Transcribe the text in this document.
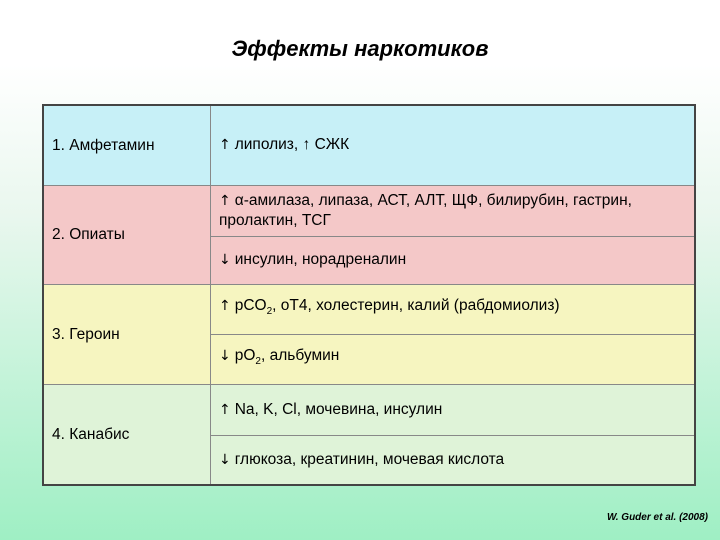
Эффекты наркотиков
1. Амфетамин	↑ липолиз, ↑ СЖК
2. Опиаты	↑ α-амилаза, липаза, АСТ, АЛТ, ЩФ, билирубин, гастрин, пролактин, ТСГ
	↓ инсулин, норадреналин
3. Героин	↑ pCO$_2$, оТ4, холестерин, калий (рабдомиолиз)
	↓ $pO_2$, альбумин
4. Канабис	↑ Na, K, Cl, мочевина, инсулин
	↓ глюкоза, креатинин, мочевая кислота
W. Guder et al. (2008)
